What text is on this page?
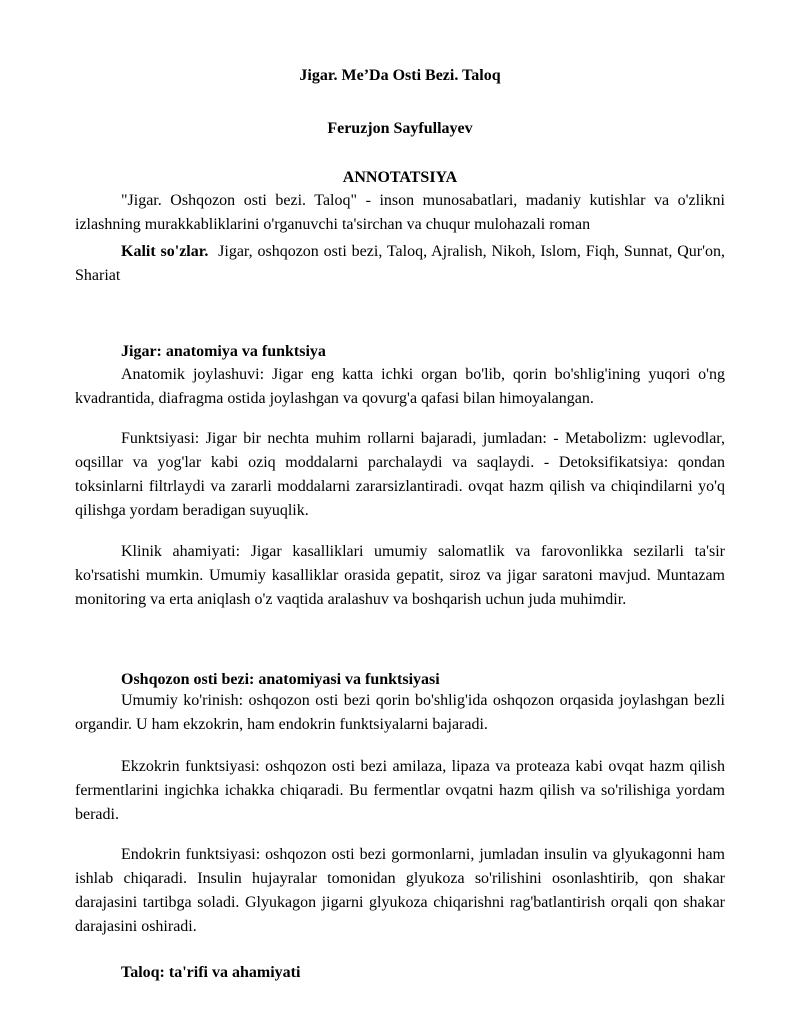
Jigar. Me’Da Osti Bezi. Taloq
Feruzjon Sayfullayev
ANNOTATSIYA

"Jigar. Oshqozon osti bezi. Taloq" - inson munosabatlari, madaniy kutishlar va o'zlikni izlashning murakkabliklarini o'rganuvchi ta'sirchan va chuqur mulohazali roman

Kalit so'zlar. Jigar, oshqozon osti bezi, Taloq, Ajralish, Nikoh, Islom, Fiqh, Sunnat, Qur'on, Shariat

Jigar: anatomiya va funktsiya

Anatomik joylashuvi: Jigar eng katta ichki organ bo'lib, qorin bo'shlig'ining yuqori o'ng kvadrantida, diafragma ostida joylashgan va qovurg'a qafasi bilan himoyalangan.

Funktsiyasi: Jigar bir nechta muhim rollarni bajaradi, jumladan: - Metabolizm: uglevodlar, oqsillar va yog'lar kabi oziq moddalarni parchalaydi va saqlaydi. - Detoksifikatsiya: qondan toksinlarni filtrlaydi va zararli moddalarni zararsizlantiradi. ovqat hazm qilish va chiqindilarni yo'q qilishga yordam beradigan suyuqlik.

Klinik ahamiyati: Jigar kasalliklari umumiy salomatlik va farovonlikka sezilarli ta'sir ko'rsatishi mumkin. Umumiy kasalliklar orasida gepatit, siroz va jigar saratoni mavjud. Muntazam monitoring va erta aniqlash o'z vaqtida aralashuv va boshqarish uchun juda muhimdir.

Oshqozon osti bezi: anatomiyasi va funktsiyasi

Umumiy ko'rinish: oshqozon osti bezi qorin bo'shlig'ida oshqozon orqasida joylashgan bezli organdir. U ham ekzokrin, ham endokrin funktsiyalarni bajaradi.

Ekzokrin funktsiyasi: oshqozon osti bezi amilaza, lipaza va proteaza kabi ovqat hazm qilish fermentlarini ingichka ichakka chiqaradi. Bu fermentlar ovqatni hazm qilish va so'rilishiga yordam beradi.

Endokrin funktsiyasi: oshqozon osti bezi gormonlarni, jumladan insulin va glyukagonni ham ishlab chiqaradi. Insulin hujayralar tomonidan glyukoza so'rilishini osonlashtirib, qon shakar darajasini tartibga soladi. Glyukagon jigarni glyukoza chiqarishni rag'batlantirish orqali qon shakar darajasini oshiradi.

Taloq: ta'rifi va ahamiyati
